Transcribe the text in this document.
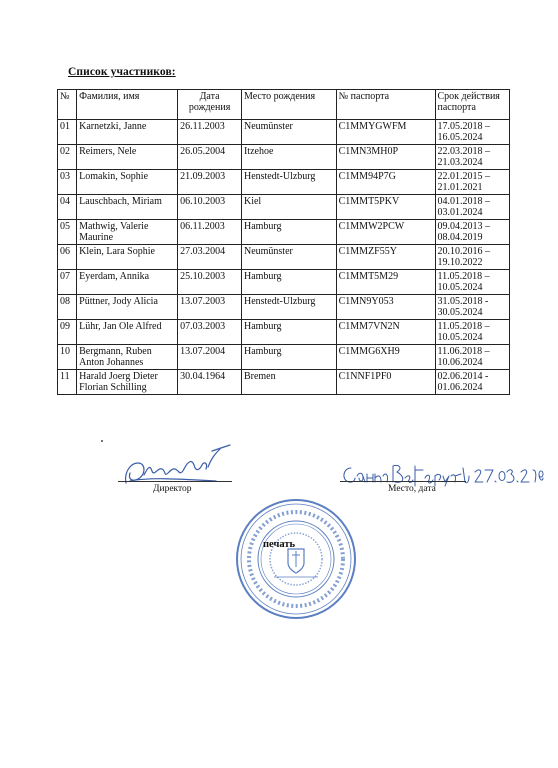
Список участников:
№	Фамилия, имя	Дата рождения	Место рождения	№ паспорта	Срок действия паспорта
01	Karnetzki, Janne	26.11.2003	Neumünster	C1MMYGWFM	17.05.2018 – 16.05.2024
02	Reimers, Nele	26.05.2004	Itzehoe	C1MN3MH0P	22.03.2018 – 21.03.2024
03	Lomakin, Sophie	21.09.2003	Henstedt-Ulzburg	C1MM94P7G	22.01.2015 – 21.01.2021
04	Lauschbach, Miriam	06.10.2003	Kiel	C1MMT5PKV	04.01.2018 – 03.01.2024
05	Mathwig, Valerie Maurine	06.11.2003	Hamburg	C1MMW2PCW	09.04.2013 – 08.04.2019
06	Klein, Lara Sophie	27.03.2004	Neumünster	C1MMZF55Y	20.10.2016 – 19.10.2022
07	Eyerdam, Annika	25.10.2003	Hamburg	C1MMT5M29	11.05.2018 – 10.05.2024
08	Püttner, Jody Alicia	13.07.2003	Henstedt-Ulzburg	C1MN9Y053	31.05.2018 - 30.05.2024
09	Lühr, Jan Ole Alfred	07.03.2003	Hamburg	C1MM7VN2N	11.05.2018 – 10.05.2024
10	Bergmann, Ruben Anton Johannes	13.07.2004	Hamburg	C1MMG6XH9	11.06.2018 – 10.06.2024
11	Harald Joerg Dieter Florian Schilling	30.04.1964	Bremen	C1NNF1PF0	02.06.2014 - 01.06.2024
Директор	Место, дата
печать
